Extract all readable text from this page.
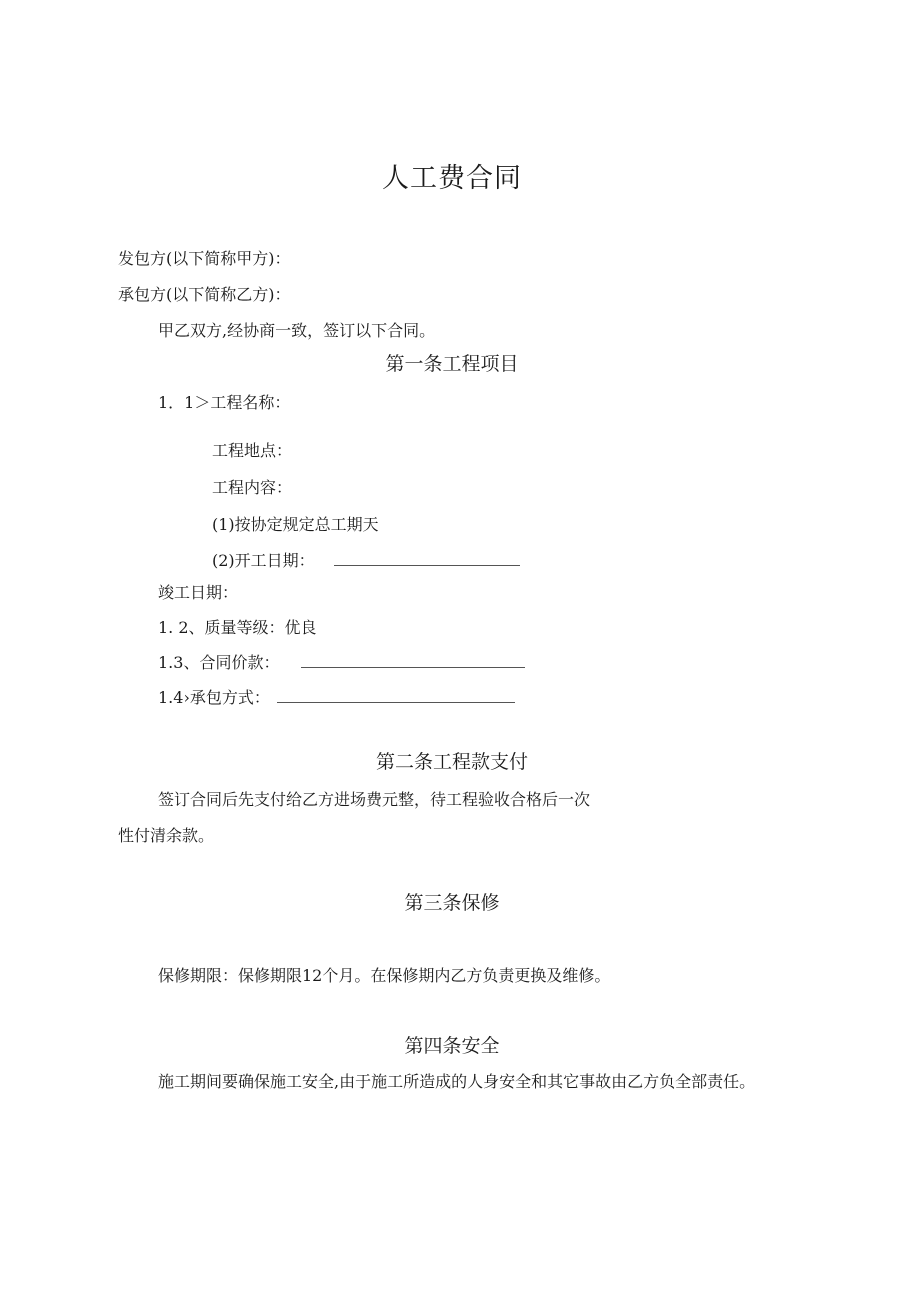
人工费合同
发包方(以下简称甲方)：
承包方(以下简称乙方)：
甲乙双方,经协商一致，签订以下合同。
第一条工程项目
1．1＞工程名称：
工程地点：
工程内容：
(1)按协定规定总工期天
(2)开工日期：
竣工日期：
1. 2、质量等级：优良
1.3、合同价款：
1.4›承包方式：
第二条工程款支付
签订合同后先支付给乙方进场费元整，待工程验收合格后一次
性付清余款。
第三条保修
保修期限：保修期限12个月。在保修期内乙方负责更换及维修。
第四条安全
施工期间要确保施工安全,由于施工所造成的人身安全和其它事故由乙方负全部责任。
